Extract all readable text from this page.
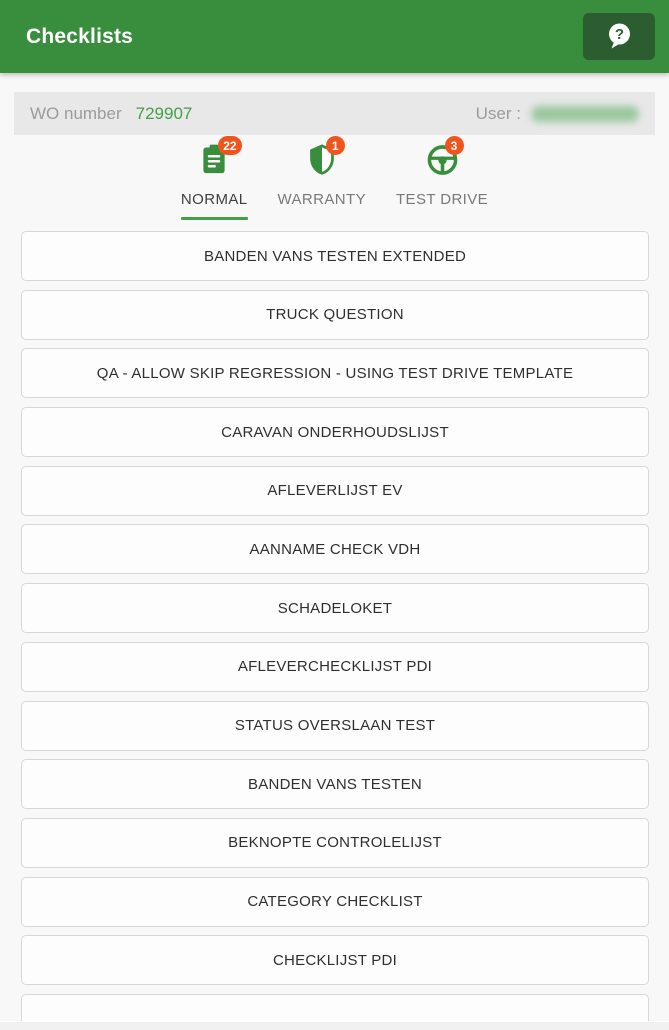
Checklists	?
WO number 729907	User :
22
NORMAL
1
WARRANTY
3
TEST DRIVE
BANDEN VANS TESTEN EXTENDED
TRUCK QUESTION
QA - ALLOW SKIP REGRESSION - USING TEST DRIVE TEMPLATE
CARAVAN ONDERHOUDSLIJST
AFLEVERLIJST EV
AANNAME CHECK VDH
SCHADELOKET
AFLEVERCHECKLIJST PDI
STATUS OVERSLAAN TEST
BANDEN VANS TESTEN
BEKNOPTE CONTROLELIJST
CATEGORY CHECKLIST
CHECKLIJST PDI
